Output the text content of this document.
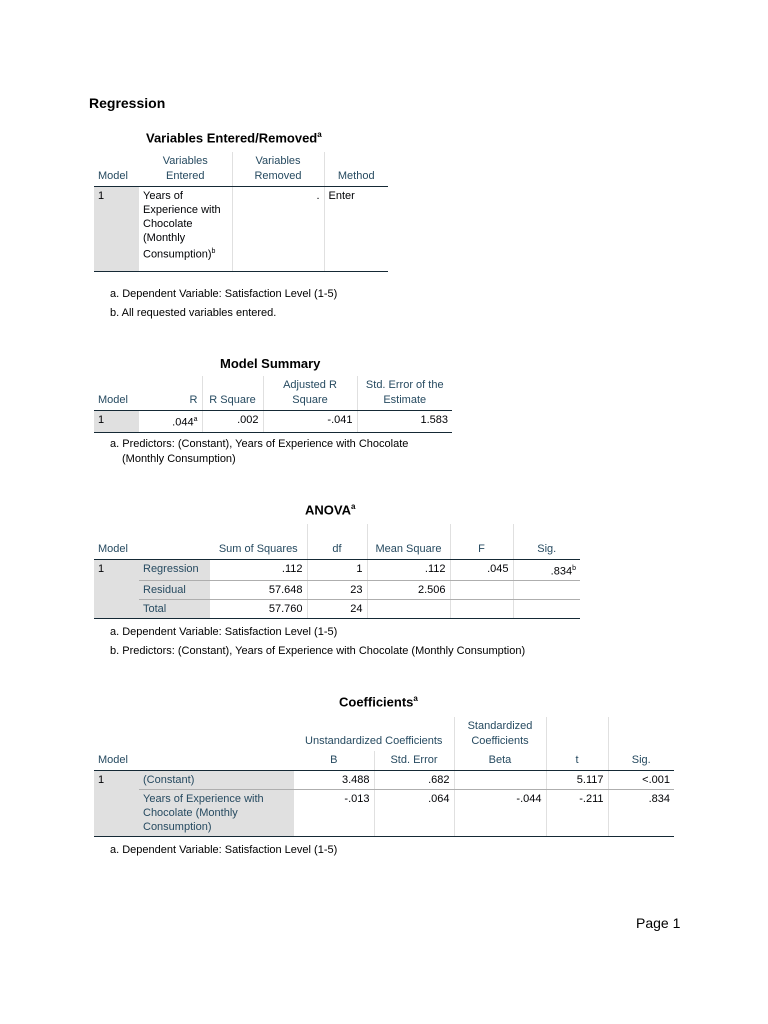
Regression
Variables Entered/Removed$^a$
Model	Variables Entered	Variables Removed	Method
1	Years of Experience with Chocolate (Monthly Consumption)$^b$	.	Enter
a. Dependent Variable: Satisfaction Level (1-5)
b. All requested variables entered.
Model Summary
Model	R	R Square	Adjusted R Square	Std. Error of the Estimate
1	.044$^a$	.002	-.041	1.583
a. Predictors: (Constant), Years of Experience with Chocolate
(Monthly Consumption)
ANOVA$^a$
Model		Sum of Squares	df	Mean Square	F	Sig.
1	Regression	.112	1	.112	.045	.834$^b$
	Residual	57.648	23	2.506		
	Total	57.760	24			
a. Dependent Variable: Satisfaction Level (1-5)
b. Predictors: (Constant), Years of Experience with Chocolate (Monthly Consumption)
Coefficients$^a$
		Unstandardized Coefficients		Standardized Coefficients		
Model		B	Std. Error	Beta	t	Sig.
1	(Constant)	3.488	.682		5.117	<.001
	Years of Experience with Chocolate (Monthly Consumption)	-.013	.064	-.044	-.211	.834
a. Dependent Variable: Satisfaction Level (1-5)
Page 1
